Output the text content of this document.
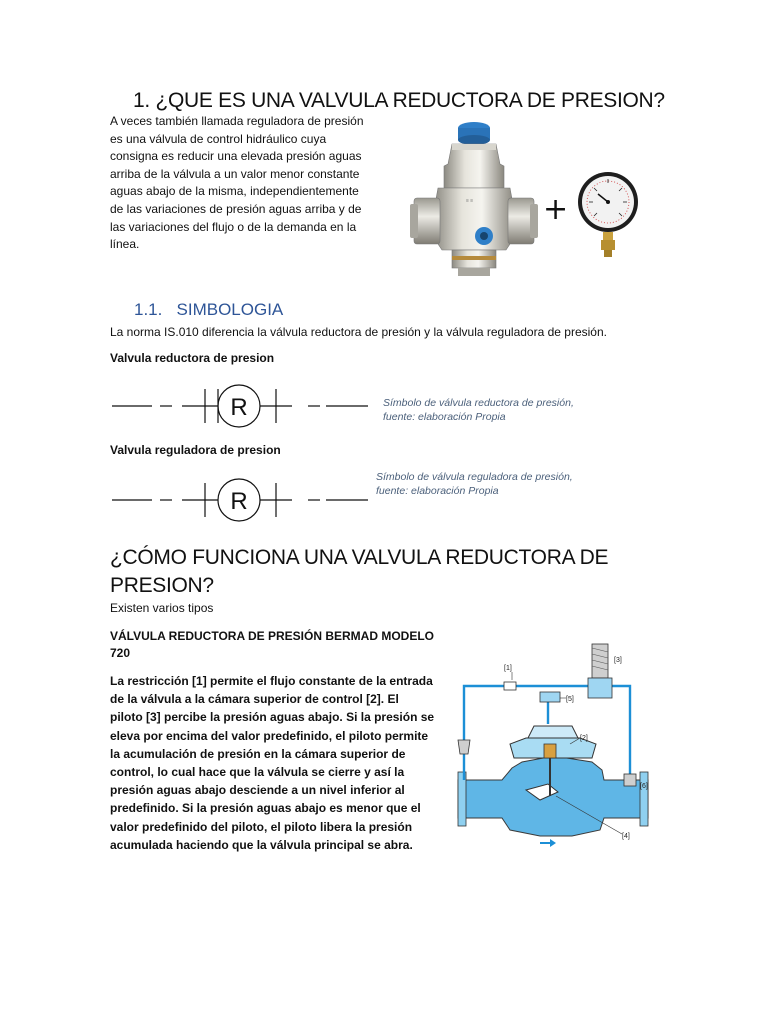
1. ¿QUE ES UNA VALVULA REDUCTORA DE PRESION?
A veces también llamada reguladora de presión
es una válvula de control hidráulico cuya
consigna es reducir una elevada presión aguas
arriba de la válvula a un valor menor constante
aguas abajo de la misma, independientemente
de las variaciones de presión aguas arriba y de
las variaciones del flujo o de la demanda en la
línea.
≡ ≡ +
1.1.   SIMBOLOGIA
La norma IS.010 diferencia la válvula reductora de presión y la válvula reguladora de presión.
Valvula reductora de presion
R	Símbolo de válvula reductora de presión,
fuente: elaboración Propia
Valvula reguladora de presion
R
Símbolo de válvula reguladora de presión,
fuente: elaboración Propia
¿CÓMO FUNCIONA UNA VALVULA REDUCTORA DE
PRESION?
Existen varios tipos
VÁLVULA REDUCTORA DE PRESIÓN BERMAD MODELO
720
La restricción [1] permite el flujo constante de la entrada
de la válvula a la cámara superior de control [2]. El
piloto [3] percibe la presión aguas abajo. Si la presión se
eleva por encima del valor predefinido, el piloto permite
la acumulación de presión en la cámara superior de
control, lo cual hace que la válvula se cierre y así la
presión aguas abajo desciende a un nivel inferior al
predefinido. Si la presión aguas abajo es menor que el
valor predefinido del piloto, el piloto libera la presión
acumulada haciendo que la válvula principal se abra.
[1]
[3]
[5]
[6]
[2]
[4]
